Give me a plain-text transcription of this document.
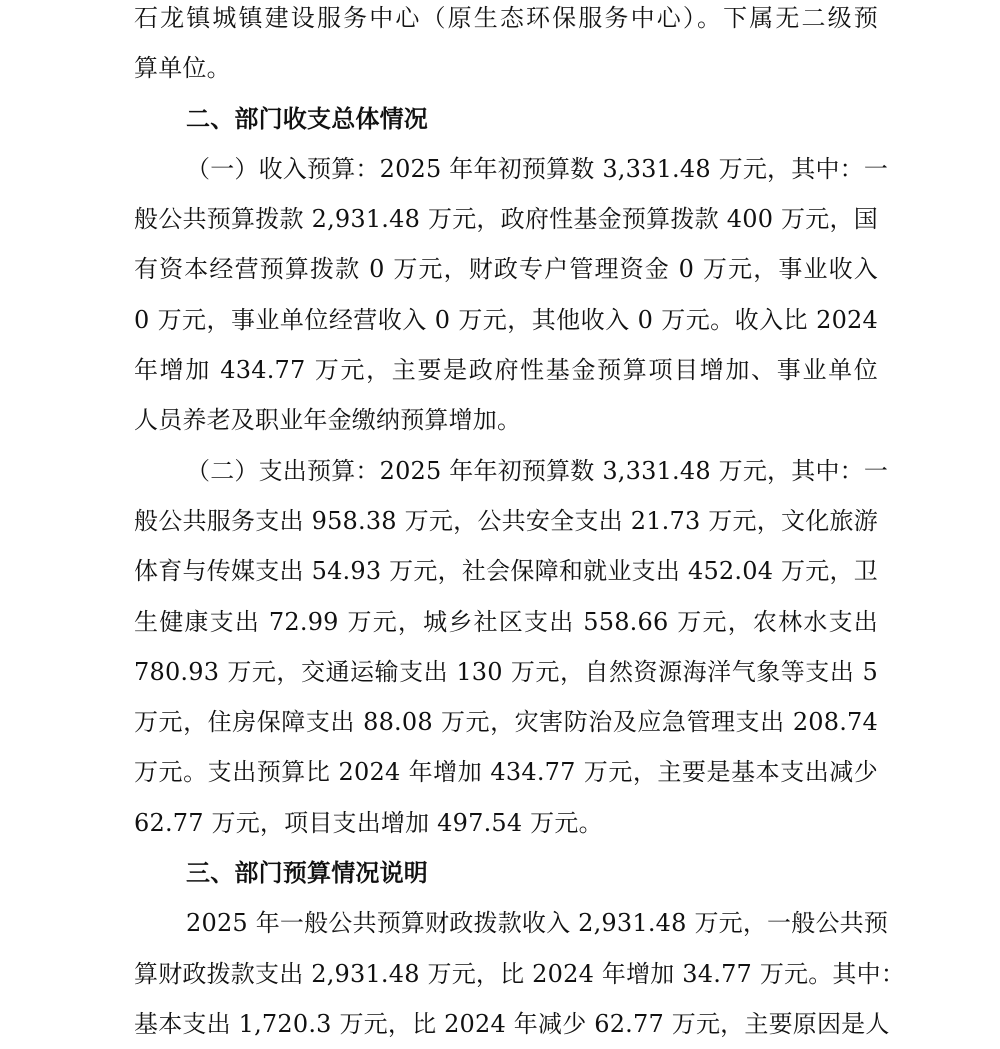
石龙镇城镇建设服务中心（原生态环保服务中心）。下属无二级预
算单位。
二、部门收支总体情况
（一）收入预算：2025 年年初预算数 3,331.48 万元，其中：一
般公共预算拨款 2,931.48 万元，政府性基金预算拨款 400 万元，国
有资本经营预算拨款 0 万元，财政专户管理资金 0 万元，事业收入
0 万元，事业单位经营收入 0 万元，其他收入 0 万元。收入比 2024
年增加 434.77 万元，主要是政府性基金预算项目增加、事业单位
人员养老及职业年金缴纳预算增加。
（二）支出预算：2025 年年初预算数 3,331.48 万元，其中：一
般公共服务支出 958.38 万元，公共安全支出 21.73 万元，文化旅游
体育与传媒支出 54.93 万元，社会保障和就业支出 452.04 万元，卫
生健康支出 72.99 万元，城乡社区支出 558.66 万元，农林水支出
780.93 万元，交通运输支出 130 万元，自然资源海洋气象等支出 5
万元，住房保障支出 88.08 万元，灾害防治及应急管理支出 208.74
万元。支出预算比 2024 年增加 434.77 万元，主要是基本支出减少
62.77 万元，项目支出增加 497.54 万元。
三、部门预算情况说明
2025 年一般公共预算财政拨款收入 2,931.48 万元，一般公共预
算财政拨款支出 2,931.48 万元，比 2024 年增加 34.77 万元。其中：
基本支出 1,720.3 万元，比 2024 年减少 62.77 万元，主要原因是人
